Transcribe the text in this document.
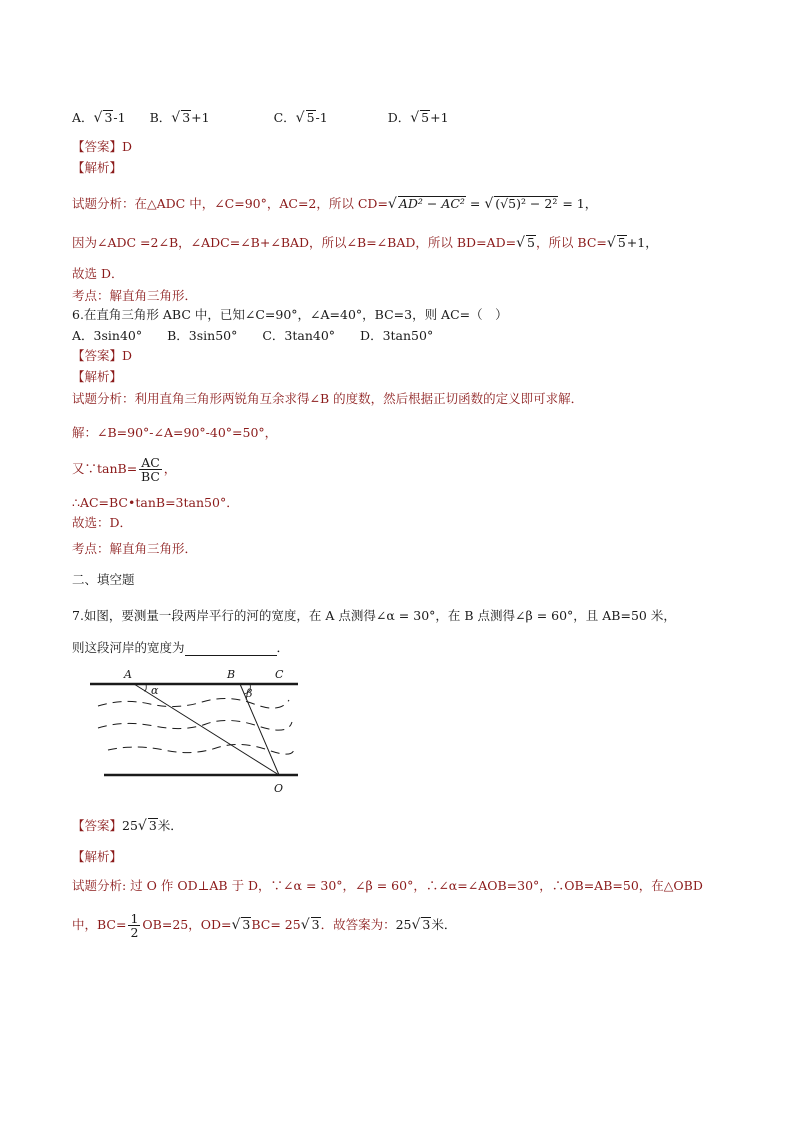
A．√ 3-1 B．√ 3+1	C．√ 5-1	D．√ 5+1
【答案】D
【解析】
试题分析：在△ADC 中，∠C=90°，AC=2，所以 CD=√ AD² − AC² = √ (√5)² − 2² = 1，
因为∠ADC =2∠B，∠ADC=∠B+∠BAD，所以∠B=∠BAD，所以 BD=AD=√ 5，所以 BC=√ 5+1，
故选 D．
考点：解直角三角形．
6.在直角三角形 ABC 中，已知∠C=90°，∠A=40°，BC=3，则 AC=（　）
A．3sin40°　　B．3sin50°　　C．3tan40°　　D．3tan50°
【答案】D
【解析】
试题分析：利用直角三角形两锐角互余求得∠B 的度数，然后根据正切函数的定义即可求解．
解：∠B=90°-∠A=90°-40°=50°，
又∵tanB= $\frac{AC}{BC}$ ，
∴AC=BC•tanB=3tan50°．
故选：D．
考点：解直角三角形．
二、填空题
7.如图，要测量一段两岸平行的河的宽度，在 A 点测得∠α = 30°，在 B 点测得∠β = 60°，且 AB=50 米，
则这段河岸的宽度为	．
A	B	C
O
α	β
【答案】25√ 3米．
【解析】
试题分析: 过 O 作 OD⊥AB 于 D，∵∠α = 30°，∠β = 60°，∴∠α=∠AOB=30°，∴OB=AB=50，在△OBD
中，$BC= \frac{1}{2} OB=25$，OD=√ 3BC= 25√ 3．故答案为：25√ 3米．
